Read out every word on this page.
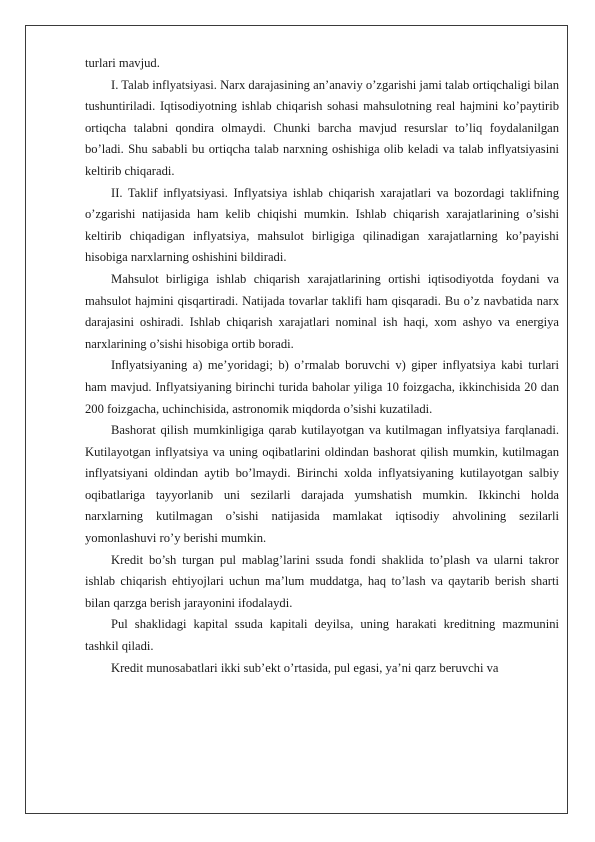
turlari mavjud.

I. Talab inflyatsiyasi. Narx darajasining an’anaviy o’zgarishi jami talab ortiqchaligi bilan tushuntiriladi. Iqtisodiyotning ishlab chiqarish sohasi mahsulotning real hajmini ko’paytirib ortiqcha talabni qondira olmaydi. Chunki barcha mavjud resurslar to’liq foydalanilgan bo’ladi. Shu sababli bu ortiqcha talab narxning oshishiga olib keladi va talab inflyatsiyasini keltirib chiqaradi.

II. Taklif inflyatsiyasi. Inflyatsiya ishlab chiqarish xarajatlari va bozordagi taklifning o’zgarishi natijasida ham kelib chiqishi mumkin. Ishlab chiqarish xarajatlarining o’sishi keltirib chiqadigan inflyatsiya, mahsulot birligiga qilinadigan xarajatlarning ko’payishi hisobiga narxlarning oshishini bildiradi.

Mahsulot birligiga ishlab chiqarish xarajatlarining ortishi iqtisodiyotda foydani va mahsulot hajmini qisqartiradi. Natijada tovarlar taklifi ham qisqaradi. Bu o’z navbatida narx darajasini oshiradi. Ishlab chiqarish xarajatlari nominal ish haqi, xom ashyo va energiya narxlarining o’sishi hisobiga ortib boradi.

Inflyatsiyaning a) me’yoridagi; b) o’rmalab boruvchi v) giper inflyatsiya kabi turlari ham mavjud. Inflyatsiyaning birinchi turida baholar yiliga 10 foizgacha, ikkinchisida 20 dan 200 foizgacha, uchinchisida, astronomik miqdorda o’sishi kuzatiladi.

Bashorat qilish mumkinligiga qarab kutilayotgan va kutilmagan inflyatsiya farqlanadi. Kutilayotgan inflyatsiya va uning oqibatlarini oldindan bashorat qilish mumkin, kutilmagan inflyatsiyani oldindan aytib bo’lmaydi. Birinchi xolda inflyatsiyaning kutilayotgan salbiy oqibatlariga tayyorlanib uni sezilarli darajada yumshatish mumkin. Ikkinchi holda narxlarning kutilmagan o’sishi natijasida mamlakat iqtisodiy ahvolining sezilarli yomonlashuvi ro’y berishi mumkin.

Kredit bo’sh turgan pul mablag’larini ssuda fondi shaklida to’plash va ularni takror ishlab chiqarish ehtiyojlari uchun ma’lum muddatga, haq to’lash va qaytarib berish sharti bilan qarzga berish jarayonini ifodalaydi.

Pul shaklidagi kapital ssuda kapitali deyilsa, uning harakati kreditning mazmunini tashkil qiladi.

Kredit munosabatlari ikki sub’ekt o’rtasida, pul egasi, ya’ni qarz beruvchi va
